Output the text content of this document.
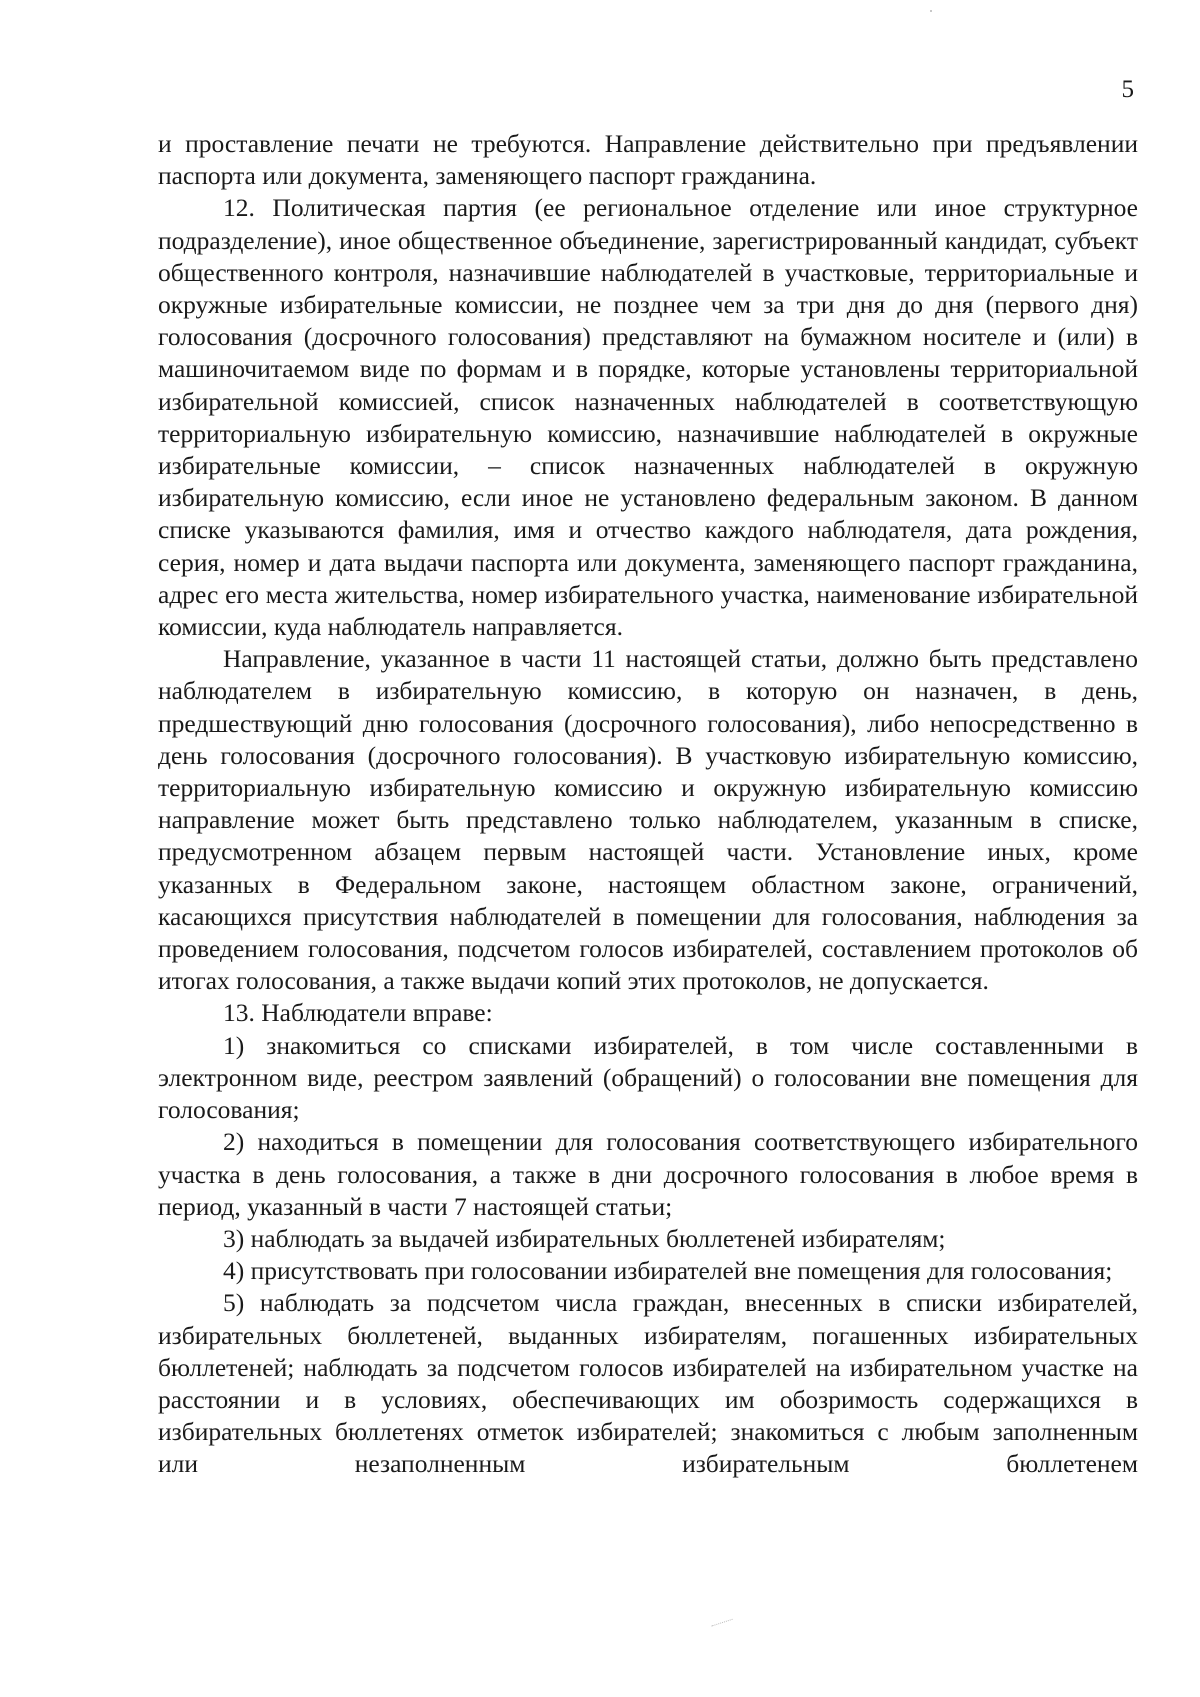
5

и проставление печати не требуются. Направление действительно при предъявлении паспорта или документа, заменяющего паспорт гражданина.

12. Политическая партия (ее региональное отделение или иное структурное подразделение), иное общественное объединение, зарегистрированный кандидат, субъект общественного контроля, назначившие наблюдателей в участковые, территориальные и окружные избирательные комиссии, не позднее чем за три дня до дня (первого дня) голосования (досрочного голосования) представляют на бумажном носителе и (или) в машиночитаемом виде по формам и в порядке, которые установлены территориальной избирательной комиссией, список назначенных наблюдателей в соответствующую территориальную избирательную комиссию, назначившие наблюдателей в окружные избирательные комиссии, – список назначенных наблюдателей в окружную избирательную комиссию, если иное не установлено федеральным законом. В данном списке указываются фамилия, имя и отчество каждого наблюдателя, дата рождения, серия, номер и дата выдачи паспорта или документа, заменяющего паспорт гражданина, адрес его места жительства, номер избирательного участка, наименование избирательной комиссии, куда наблюдатель направляется.

Направление, указанное в части 11 настоящей статьи, должно быть представлено наблюдателем в избирательную комиссию, в которую он назначен, в день, предшествующий дню голосования (досрочного голосования), либо непосредственно в день голосования (досрочного голосования). В участковую избирательную комиссию, территориальную избирательную комиссию и окружную избирательную комиссию направление может быть представлено только наблюдателем, указанным в списке, предусмотренном абзацем первым настоящей части. Установление иных, кроме указанных в Федеральном законе, настоящем областном законе, ограничений, касающихся присутствия наблюдателей в помещении для голосования, наблюдения за проведением голосования, подсчетом голосов избирателей, составлением протоколов об итогах голосования, а также выдачи копий этих протоколов, не допускается.

13. Наблюдатели вправе:

1) знакомиться со списками избирателей, в том числе составленными в электронном виде, реестром заявлений (обращений) о голосовании вне помещения для голосования;

2) находиться в помещении для голосования соответствующего избирательного участка в день голосования, а также в дни досрочного голосования в любое время в период, указанный в части 7 настоящей статьи;

3) наблюдать за выдачей избирательных бюллетеней избирателям;

4) присутствовать при голосовании избирателей вне помещения для голосования;

5) наблюдать за подсчетом числа граждан, внесенных в списки избирателей, избирательных бюллетеней, выданных избирателям, погашенных избирательных бюллетеней; наблюдать за подсчетом голосов избирателей на избирательном участке на расстоянии и в условиях, обеспечивающих им обозримость содержащихся в избирательных бюллетенях отметок избирателей; знакомиться с любым заполненным или незаполненным избирательным бюллетенем
